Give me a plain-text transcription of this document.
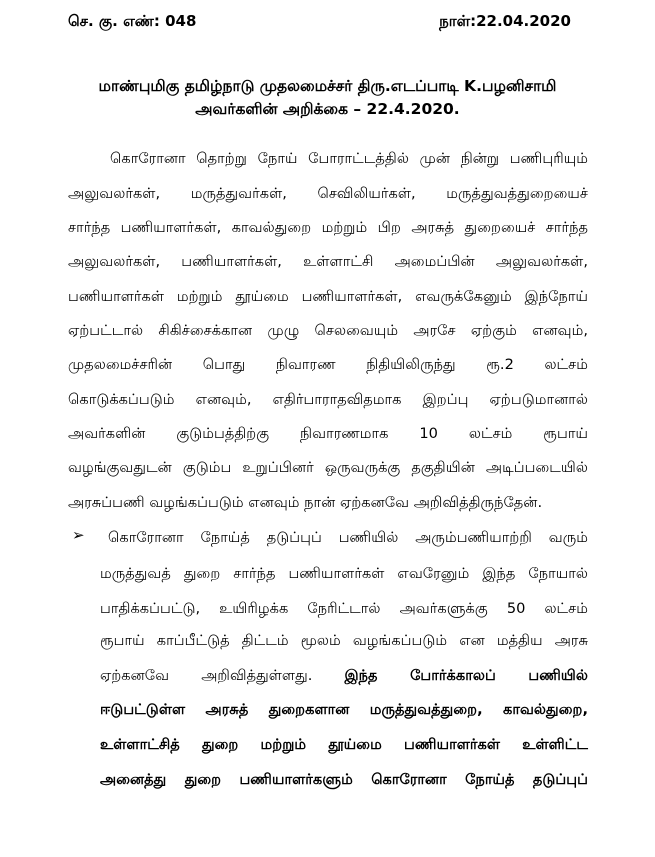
செ. கு. எண்: 048	நாள்:22.04.2020
மாண்புமிகு தமிழ்நாடு முதலமைச்சர் திரு.எடப்பாடி K.பழனிசாமி
அவர்களின் அறிக்கை – 22.4.2020.
கொரோனா தொற்று நோய் போராட்டத்தில் முன் நின்று பணிபுரியும்
அலுவலர்கள், மருத்துவர்கள், செவிலியர்கள், மருத்துவத்துறையைச்
சார்ந்த பணியாளர்கள், காவல்துறை மற்றும் பிற அரசுத் துறையைச் சார்ந்த
அலுவலர்கள், பணியாளர்கள், உள்ளாட்சி அமைப்பின் அலுவலர்கள்,
பணியாளர்கள் மற்றும் தூய்மை பணியாளர்கள், எவருக்கேனும் இந்நோய்
ஏற்பட்டால் சிகிச்சைக்கான முழு செலவையும் அரசே ஏற்கும் எனவும்,
முதலமைச்சரின் பொது நிவாரண நிதியிலிருந்து ரூ.2 லட்சம்
கொடுக்கப்படும் எனவும், எதிர்பாராதவிதமாக இறப்பு ஏற்படுமானால்
அவர்களின் குடும்பத்திற்கு நிவாரணமாக 10 லட்சம் ரூபாய்
வழங்குவதுடன் குடும்ப உறுப்பினர் ஒருவருக்கு தகுதியின் அடிப்படையில்
அரசுப்பணி வழங்கப்படும் எனவும் நான் ஏற்கனவே அறிவித்திருந்தேன்.
➢ கொரோனா நோய்த் தடுப்புப் பணியில் அரும்பணியாற்றி வரும்
மருத்துவத் துறை சார்ந்த பணியாளர்கள் எவரேனும் இந்த நோயால்
பாதிக்கப்பட்டு, உயிரிழக்க நேரிட்டால் அவர்களுக்கு 50 லட்சம்
ரூபாய் காப்பீட்டுத் திட்டம் மூலம் வழங்கப்படும் என மத்திய அரசு
ஏற்கனவே அறிவித்துள்ளது. இந்த போர்க்காலப் பணியில்
ஈடுபட்டுள்ள அரசுத் துறைகளான மருத்துவத்துறை, காவல்துறை,
உள்ளாட்சித் துறை மற்றும் தூய்மை பணியாளர்கள் உள்ளிட்ட
அனைத்து துறை பணியாளர்களும் கொரோனா நோய்த் தடுப்புப்
